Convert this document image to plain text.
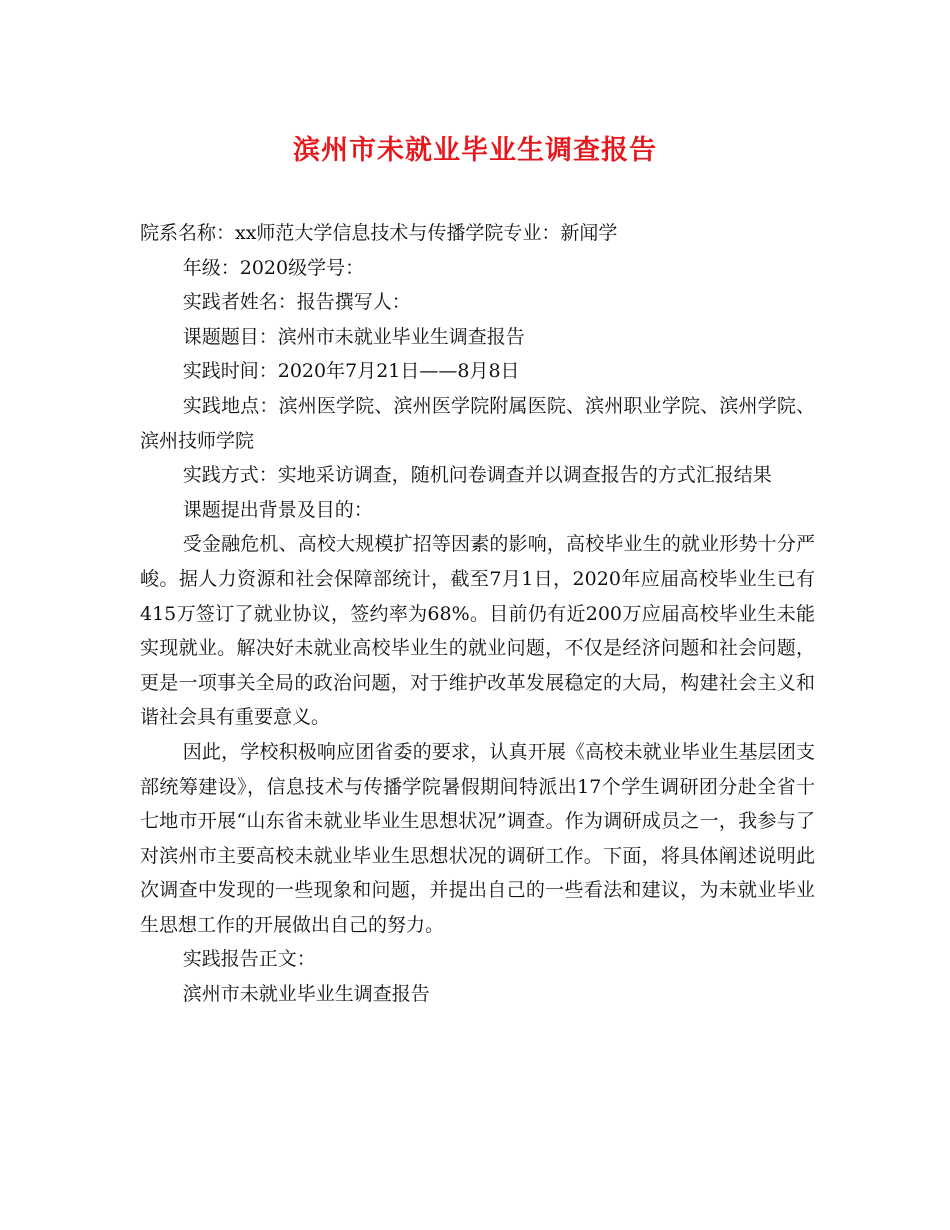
滨州市未就业毕业生调查报告

院系名称：xx师范大学信息技术与传播学院专业：新闻学

年级：2020级学号：

实践者姓名：报告撰写人：

课题题目：滨州市未就业毕业生调查报告

实践时间：2020年7月21日——8月8日

实践地点：滨州医学院、滨州医学院附属医院、滨州职业学院、滨州学院、滨州技师学院

实践方式：实地采访调查，随机问卷调查并以调查报告的方式汇报结果

课题提出背景及目的：

受金融危机、高校大规模扩招等因素的影响，高校毕业生的就业形势十分严峻。据人力资源和社会保障部统计，截至7月1日，2020年应届高校毕业生已有415万签订了就业协议，签约率为68%。目前仍有近200万应届高校毕业生未能实现就业。解决好未就业高校毕业生的就业问题，不仅是经济问题和社会问题，更是一项事关全局的政治问题，对于维护改革发展稳定的大局，构建社会主义和谐社会具有重要意义。

因此，学校积极响应团省委的要求，认真开展《高校未就业毕业生基层团支部统筹建设》，信息技术与传播学院暑假期间特派出17个学生调研团分赴全省十七地市开展“山东省未就业毕业生思想状况”调查。作为调研成员之一，我参与了对滨州市主要高校未就业毕业生思想状况的调研工作。下面，将具体阐述说明此次调查中发现的一些现象和问题，并提出自己的一些看法和建议，为未就业毕业生思想工作的开展做出自己的努力。

实践报告正文：

滨州市未就业毕业生调查报告
